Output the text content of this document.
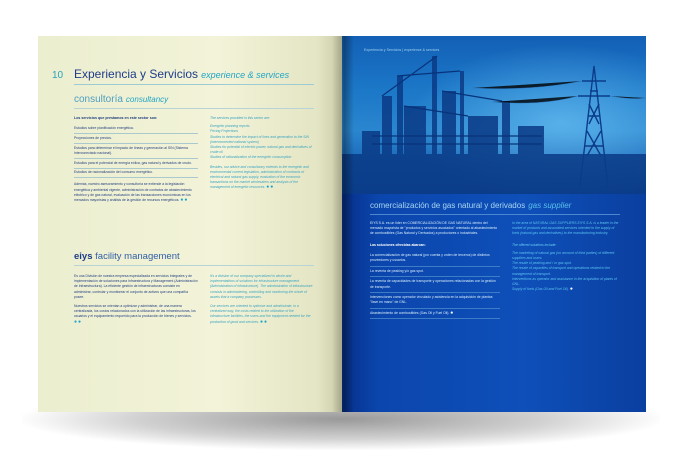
10 Experiencia y Servicios experience & services
consultoría consultancy
Los servicios que prestamos en este sector son:
Estudios sobre planificación energética.
Proyecciones de precios.
Estudios para determinar el impacto de líneas y generación al SIN (Sistema Interconectado nacional).
Estudios para el potencial de energía eólica, gas natural y derivados de crudo.
Estudios de racionalización del consumo energético.
Además, nuestro asesoramiento y consultoría se extiende a la legislación energética y ambiental vigente, administración de contratos de abastecimiento eléctrico y de gas natural, evaluación de las transacciones económicas en los mercados mayoristas y análisis de la gestión de recursos energéticos. ●●
The services provided in this sector are:
Energetic planning reports
Pricing Projections
Studies to determine the impact of lines and generation to the SIN (interconnected national system)
Studies for potential of electric power, natural gas and derivatives of crude oil
Studies of rationalization of the energetic consumption
Besides, our advice and consultancy extends to the energetic and environmental current legislation, administration of contracts of electrical and natural gas supply, evaluation of the economic transactions on the market wholesalers and analysis of the management of energetic resources. ●●
eiys facility management
Es una División de nuestra empresa especializada en servicios Integrales y de implementación de soluciones para Infraestructura y Management (Administración de Infraestructura). La eficiente gestión de infraestructuras consiste en administrar, controlar y monitorear el conjunto de activos que una compañía posee.
Nuestros servicios se orientan a optimizar y administrar, de una manera centralizada, los costos relacionados con la utilización de las infraestructuras, los usuarios y el equipamiento requerido para la producción de bienes y servicios. ●●
It's a division of our company specialized in whole and implementations of solutions for infrastructure management (Administration of infrastructure). The administration of infrastructure consists in administering, controlling and monitoring the whole of assets that a company possesses.
Our services are oriented to optimize and administrate, in a centralized way, the costs related to the utilization of the infrastructure facilities, the users and the equipment needed for the production of good and services. ●●
Experiencia y Servicios | experience & services
comercialización de gas natural y derivados gas supplier
EIYS S.A. es un líder en COMERCIALIZACIÓN DE GAS NATURAL dentro del mercado mayorista de "productos y servicios asociados" orientado al abastecimiento de combustibles (Gas Natural y Derivados) a productores o industriales.
Las soluciones ofrecidas abarcan:
La comercialización de gas natural (por cuenta y orden de terceros) de distintos proveedores y usuarios.
La reventa de peaking y/o gas spot.
La reventa de capacidades de transporte y operaciones relacionadas con la gestión de transporte.
Intervenciones como operador vinculado y asistencia en la adquisición de plantas "llave en mano" de GNL.
Abastecimiento de combustibles (Gas Oil y Fuel Oil). ●
In the area of NATURAL GAS SUPPLIERS EIYS S.A. is a leader in the market of products and associated services oriented to the supply of fuels (natural gas and derivatives) to the manufacturing industry.
The offered solutions include:
The marketing of natural gas (on account of third parties) of different suppliers and users.
The resale of peaking and / or gas spot.
The resale of capacities of transport and operations related to the management of transport.
Interventions as operator and assistance in the acquisition of plants of GNL.
Supply of fuels (Gas Oil and Fuel Oil). ●
